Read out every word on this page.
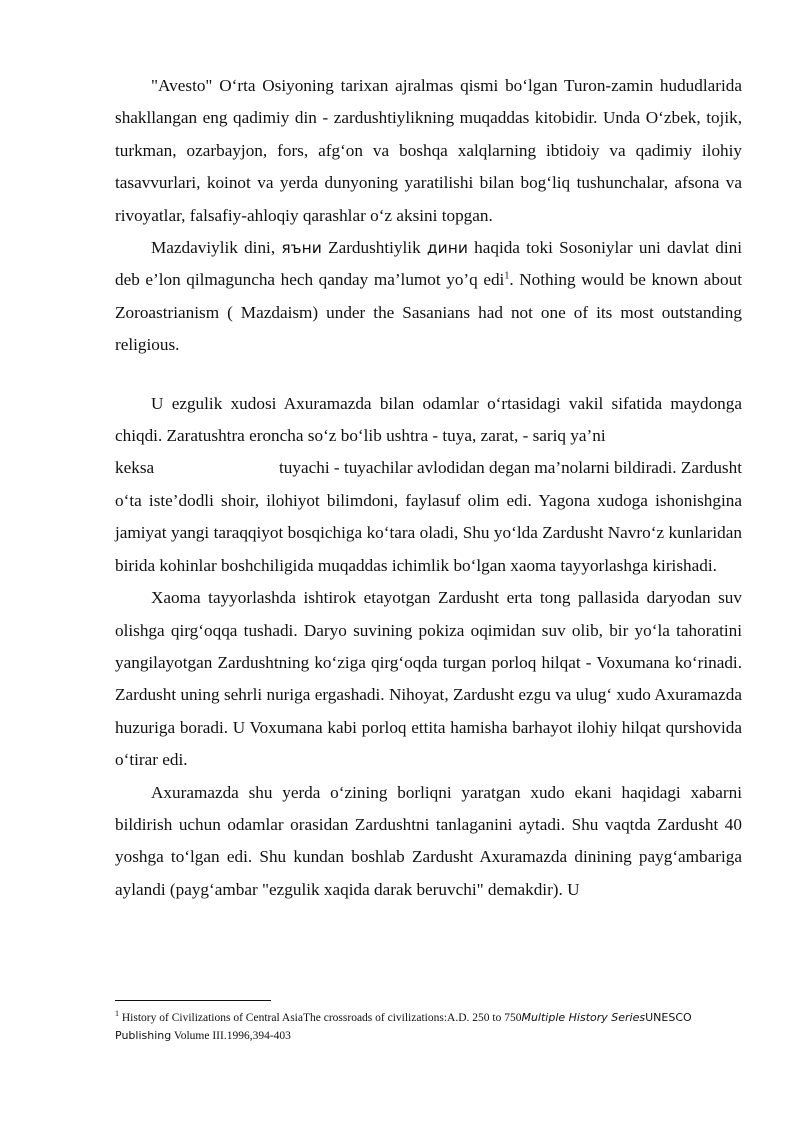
"Avesto" O‘rta Osiyoning tarixan ajralmas qismi bo‘lgan Turon-zamin hududlarida shakllangan eng qadimiy din - zardushtiylikning muqaddas kitobidir. Unda O‘zbek, tojik, turkman, ozarbayjon, fors, afg‘on va boshqa xalqlarning ibtidoiy va qadimiy ilohiy tasavvurlari, koinot va yerda dunyoning yaratilishi bilan bog‘liq tushunchalar, afsona va rivoyatlar, falsafiy-ahloqiy qarashlar o‘z aksini topgan.

Mazdaviylik dini, яъни Zardushtiylik дини haqida toki Sosoniylar uni davlat dini deb e’lon qilmaguncha hech qanday ma’lumot yo’q edi$^1$. Nothing would be known about Zoroastrianism ( Mazdaism) under the Sasanians had not one of its most outstanding religious.

U ezgulik xudosi Axuramazda bilan odamlar o‘rtasidagi vakil sifatida maydonga chiqdi. Zaratushtra eroncha so‘z bo‘lib ushtra - tuya, zarat, - sariq ya’ni

keksa	tuyachi - tuyachilar avlodidan degan ma’nolarni bildiradi. Zardusht

o‘ta iste’dodli shoir, ilohiyot bilimdoni, faylasuf olim edi. Yagona xudoga ishonishgina jamiyat yangi taraqqiyot bosqichiga ko‘tara oladi, Shu yo‘lda Zardusht Navro‘z kunlaridan birida kohinlar boshchiligida muqaddas ichimlik bo‘lgan xaoma tayyorlashga kirishadi.

Xaoma tayyorlashda ishtirok etayotgan Zardusht erta tong pallasida daryodan suv olishga qirg‘oqqa tushadi. Daryo suvining pokiza oqimidan suv olib, bir yo‘la tahoratini yangilayotgan Zardushtning ko‘ziga qirg‘oqda turgan porloq hilqat - Voxumana ko‘rinadi. Zardusht uning sehrli nuriga ergashadi. Nihoyat, Zardusht ezgu va ulug‘ xudo Axuramazda huzuriga boradi. U Voxumana kabi porloq ettita hamisha barhayot ilohiy hilqat qurshovida o‘tirar edi.

Axuramazda shu yerda o‘zining borliqni yaratgan xudo ekani haqidagi xabarni bildirish uchun odamlar orasidan Zardushtni tanlaganini aytadi. Shu vaqtda Zardusht 40 yoshga to‘lgan edi. Shu kundan boshlab Zardusht Axuramazda dinining payg‘ambariga aylandi (payg‘ambar "ezgulik xaqida darak beruvchi" demakdir). U

$^1$ History of Civilizations of Central AsiaThe crossroads of civilizations:A.D. 250 to 750Multiple History SeriesUNESCO Publishing Volume III.1996,394-403
